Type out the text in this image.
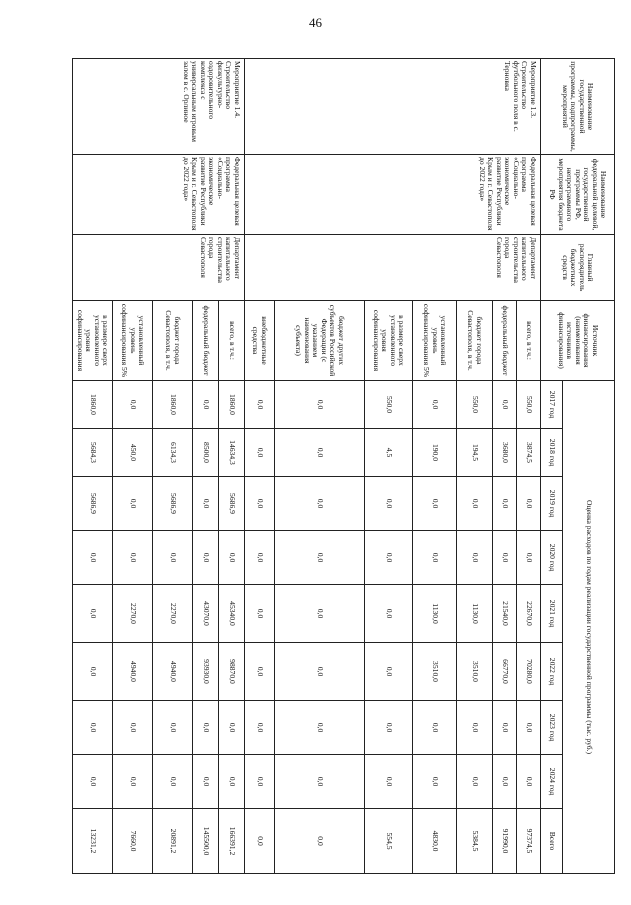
46
Наименование государственной программы, подпрограммы, мероприятий	Наименование федеральной целевой, государственной программы РФ, непрограммного мероприятия бюджета РФ	Главный распорядитель бюджетных средств	Источник финансирования (наименования источников финансирования)	Оценка расходов по годам реализации государственной программы (тыс. руб.)								
				2017 год	2018 год	2019 год	2020 год	2021 год	2022 год	2023 год	2024 год	Всего
Мероприятие 1.3. Строительство футбольного поля в с. Терновка	Федеральная целевая программа «Социально-экономическое развитие Республики Крым и г. Севастополя до 2022 года»	Департамент капитального строительства города Севастополя	всего, в т.ч.:	550,0	3874,5	0,0	0,0	22670,0	70280,0	0,0	0,0	97374,5
			федеральный бюджет	0,0	3680,0	0,0	0,0	21540,0	66770,0	0,0	0,0	91990,0
			бюджет города Севастополя, в т.ч.	550,0	194,5	0,0	0,0	1130,0	3510,0	0,0	0,0	5384,5
			установленный уровень софинансирования 5%	0,0	190,0	0,0	0,0	1130,0	3510,0	0,0	0,0	4830,0
			в размере сверх установленного уровня софинансирования	550,0	4,5	0,0	0,0	0,0	0,0	0,0	0,0	554,5
			бюджет других субъектов Российской Федерации (с указанием наименования субъекта)	0,0	0,0	0,0	0,0	0,0	0,0	0,0	0,0	0,0
			внебюджетные средства	0,0	0,0	0,0	0,0	0,0	0,0	0,0	0,0	0,0
Мероприятие 1.4. Строительство физкультурно-оздоровительного комплекса с универсальным игровым залом в с. Орлиное	Федеральная целевая программа «Социально-экономическое развитие Республики Крым и г. Севастополя до 2022 года»	Департамент капитального строительства города Севастополя	всего, в т.ч.:	1860,0	14634,3	5686,9	0,0	45340,0	98870,0	0,0	0,0	166391,2
			федеральный бюджет	0,0	8500,0	0,0	0,0	43070,0	93930,0	0,0	0,0	145500,0
			бюджет города Севастополя, в т.ч.	1860,0	6134,3	5686,9	0,0	2270,0	4940,0	0,0	0,0	20891,2
			установленный уровень софинансирования 5%	0,0	450,0	0,0	0,0	2270,0	4940,0	0,0	0,0	7660,0
			в размере сверх установленного уровня софинансирования	1860,0	5684,3	5686,9	0,0	0,0	0,0	0,0	0,0	13231,2
